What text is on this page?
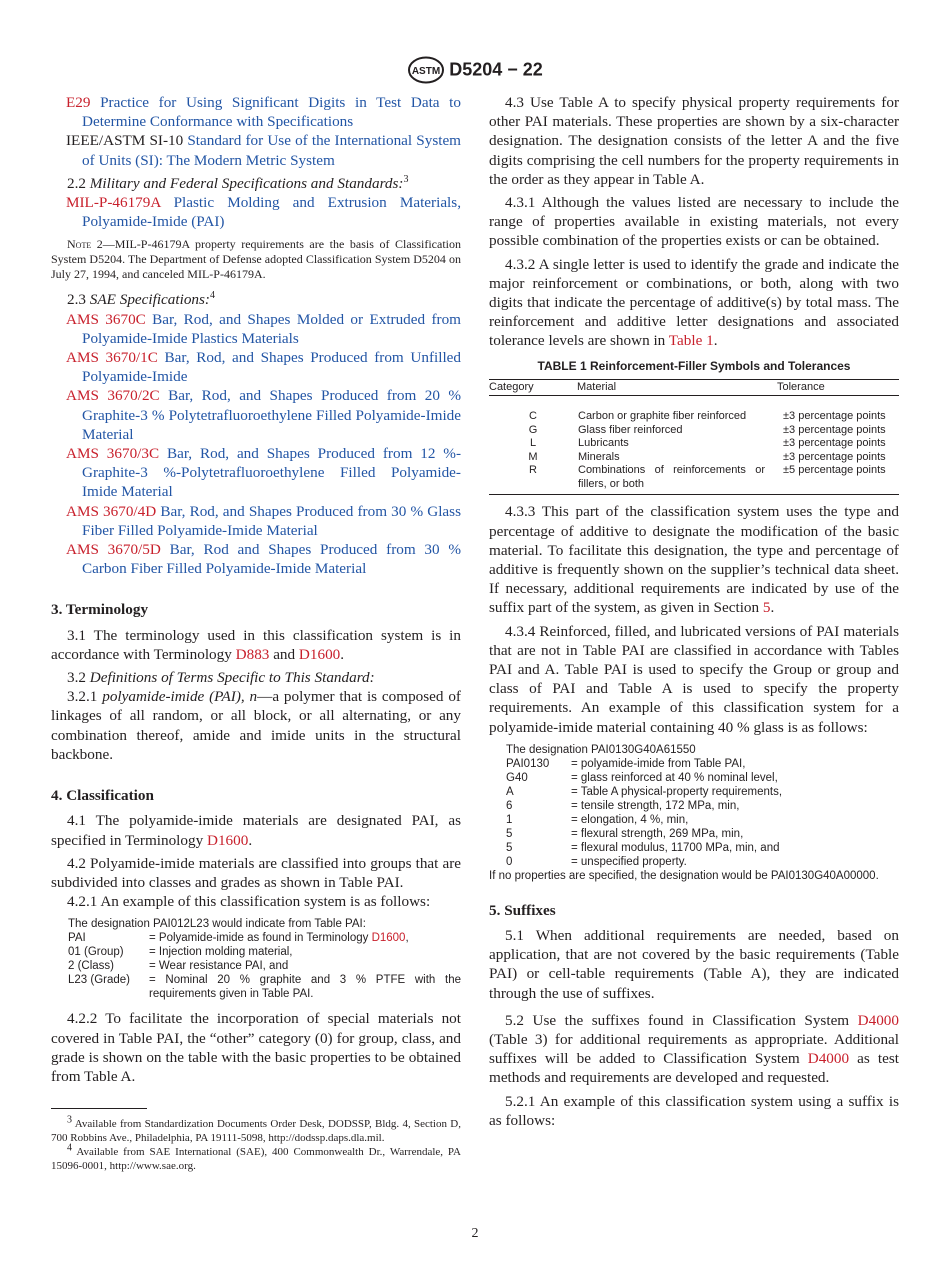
ASTM D5204 − 22

E29 Practice for Using Significant Digits in Test Data to Determine Conformance with Specifications

IEEE/ASTM SI-10 Standard for Use of the International System of Units (SI): The Modern Metric System

2.2 Military and Federal Specifications and Standards:$^3$

MIL-P-46179A Plastic Molding and Extrusion Materials, Polyamide-Imide (PAI)

Note 2—MIL-P-46179A property requirements are the basis of Classification System D5204. The Department of Defense adopted Classification System D5204 on July 27, 1994, and canceled MIL-P-46179A.

2.3 SAE Specifications:$^4$

AMS 3670C Bar, Rod, and Shapes Molded or Extruded from Polyamide-Imide Plastics Materials

AMS 3670/1C Bar, Rod, and Shapes Produced from Unfilled Polyamide-Imide

AMS 3670/2C Bar, Rod, and Shapes Produced from 20 % Graphite-3 % Polytetrafluoroethylene Filled Polyamide-Imide Material

AMS 3670/3C Bar, Rod, and Shapes Produced from 12 %-Graphite-3 %-Polytetrafluoroethylene Filled Polyamide-Imide Material

AMS 3670/4D Bar, Rod, and Shapes Produced from 30 % Glass Fiber Filled Polyamide-Imide Material

AMS 3670/5D Bar, Rod and Shapes Produced from 30 % Carbon Fiber Filled Polyamide-Imide Material

3. Terminology

3.1 The terminology used in this classification system is in accordance with Terminology D883 and D1600.

3.2 Definitions of Terms Specific to This Standard:

3.2.1 polyamide-imide (PAI), n—a polymer that is composed of linkages of all random, or all block, or all alternating, or any combination thereof, amide and imide units in the structural backbone.

4. Classification

4.1 The polyamide-imide materials are designated PAI, as specified in Terminology D1600.

4.2 Polyamide-imide materials are classified into groups that are subdivided into classes and grades as shown in Table PAI.

4.2.1 An example of this classification system is as follows:

The designation PAI012L23 would indicate from Table PAI:
PAI	= Polyamide-imide as found in Terminology D1600,
01 (Group)	= Injection molding material,
2 (Class)	= Wear resistance PAI, and
L23 (Grade)	= Nominal 20 % graphite and 3 % PTFE with the requirements given in Table PAI.

4.2.2 To facilitate the incorporation of special materials not covered in Table PAI, the “other” category (0) for group, class, and grade is shown on the table with the basic properties to be obtained from Table A.

3 Available from Standardization Documents Order Desk, DODSSP, Bldg. 4, Section D, 700 Robbins Ave., Philadelphia, PA 19111-5098, http://dodssp.daps.dla.mil.
4 Available from SAE International (SAE), 400 Commonwealth Dr., Warrendale, PA 15096-0001, http://www.sae.org.

4.3 Use Table A to specify physical property requirements for other PAI materials. These properties are shown by a six-character designation. The designation consists of the letter A and the five digits comprising the cell numbers for the property requirements in the order as they appear in Table A.

4.3.1 Although the values listed are necessary to include the range of properties available in existing materials, not every possible combination of the properties exists or can be obtained.

4.3.2 A single letter is used to identify the grade and indicate the major reinforcement or combinations, or both, along with two digits that indicate the percentage of additive(s) by total mass. The reinforcement and additive letter designations and associated tolerance levels are shown in Table 1.

TABLE 1 Reinforcement-Filler Symbols and Tolerances
Category	Material	Tolerance
C	Carbon or graphite fiber reinforced	±3 percentage points
G	Glass fiber reinforced	±3 percentage points
L	Lubricants	±3 percentage points
M	Minerals	±3 percentage points
R	Combinations of reinforcements or fillers, or both	±5 percentage points

4.3.3 This part of the classification system uses the type and percentage of additive to designate the modification of the basic material. To facilitate this designation, the type and percentage of additive is frequently shown on the supplier’s technical data sheet. If necessary, additional requirements are indicated by use of the suffix part of the system, as given in Section 5.

4.3.4 Reinforced, filled, and lubricated versions of PAI materials that are not in Table PAI are classified in accordance with Tables PAI and A. Table PAI is used to specify the Group or group and class of PAI and Table A is used to specify the property requirements. An example of this classification system for a polyamide-imide material containing 40 % glass is as follows:

The designation PAI0130G40A61550
PAI0130	= polyamide-imide from Table PAI,
G40	= glass reinforced at 40 % nominal level,
A	= Table A physical-property requirements,
6	= tensile strength, 172 MPa, min,
1	= elongation, 4 %, min,
5	= flexural strength, 269 MPa, min,
5	= flexural modulus, 11700 MPa, min, and
0	= unspecified property.
If no properties are specified, the designation would be PAI0130G40A00000.

5. Suffixes

5.1 When additional requirements are needed, based on application, that are not covered by the basic requirements (Table PAI) or cell-table requirements (Table A), they are indicated through the use of suffixes.

5.2 Use the suffixes found in Classification System D4000 (Table 3) for additional requirements as appropriate. Additional suffixes will be added to Classification System D4000 as test methods and requirements are developed and requested.

5.2.1 An example of this classification system using a suffix is as follows:

2
